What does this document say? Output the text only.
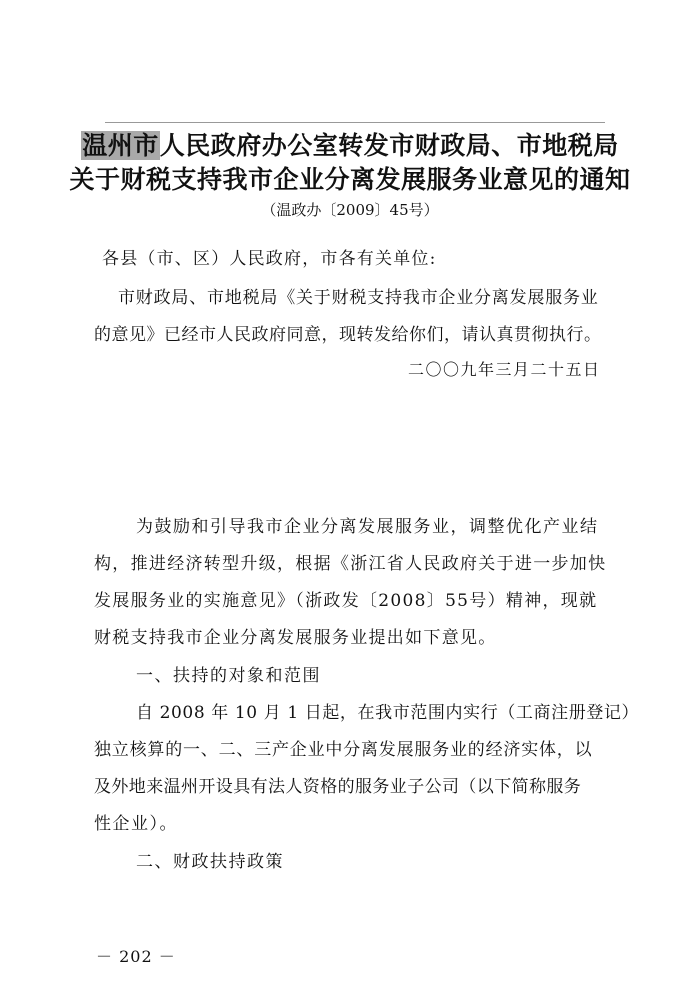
温州市人民政府办公室转发市财政局、市地税局
关于财税支持我市企业分离发展服务业意见的通知
（温政办〔2009〕45号）
各县（市、区）人民政府，市各有关单位:
市财政局、市地税局《关于财税支持我市企业分离发展服务业
的意见》已经市人民政府同意，现转发给你们，请认真贯彻执行。
二〇〇九年三月二十五日
为鼓励和引导我市企业分离发展服务业，调整优化产业结
构，推进经济转型升级，根据《浙江省人民政府关于进一步加快
发展服务业的实施意见》（浙政发〔2008〕55号）精神，现就
财税支持我市企业分离发展服务业提出如下意见。
一、扶持的对象和范围
自 2008 年 10 月 1 日起，在我市范围内实行（工商注册登记）
独立核算的一、二、三产企业中分离发展服务业的经济实体，以
及外地来温州开设具有法人资格的服务业子公司（以下简称服务
性企业）。
二、财政扶持政策
－ 202 －
